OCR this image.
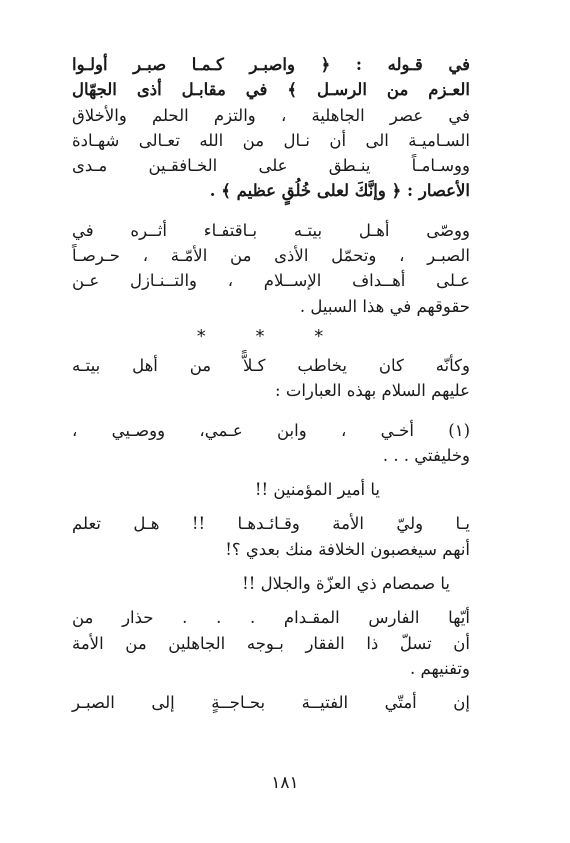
في قـوله : ﴿ واصبـر كـمـا صبـر أولـوا
العـزم من الرسـل ﴾ في مقابـل أذى الجهّال
في عصر الجاهلية ، والتزم الحلم والأخلاق
السـاميـة الى أن نـال من الله تعـالى شهـادة
ووسـامـاً ينـطق على الخـافقـين مـدى
الأعصار : ﴿ وإنَّكَ لعلى خُلُقٍ عظيم ﴾ .

ووصّى أهـل بيتـه بـاقتفـاء أثــره في
الصبـر ، وتحمّل الأذى من الأمّـة ، حـرصـاً
عـلى أهــداف الإســلام ، والتــنـازل عـن
حقوقهم في هذا السبيل .

* * *

وكأنّه كان يخاطب كـلاًّ من أهل بيتـه
عليهم السلام بهذه العبارات :

(١) أخـي ، وابن عـمي، ووصـيي ،
وخليفتي . . .

يا أمير المؤمنين !!

يـا وليّ الأمة وقـائـدهـا !! هـل تعلم
أنهم سيغصبون الخلافة منك بعدي ؟!

يا صمصام ذي العزّة والجلال !!

أيّها الفارس المقـدام . . . حذار من
أن تسلّ ذا الفقار بـوجه الجاهلين من الأمة
وتفنيهم .

إن أمتّي الفتيــة بحـاجــةٍ إلى الصبـر

١٨١
